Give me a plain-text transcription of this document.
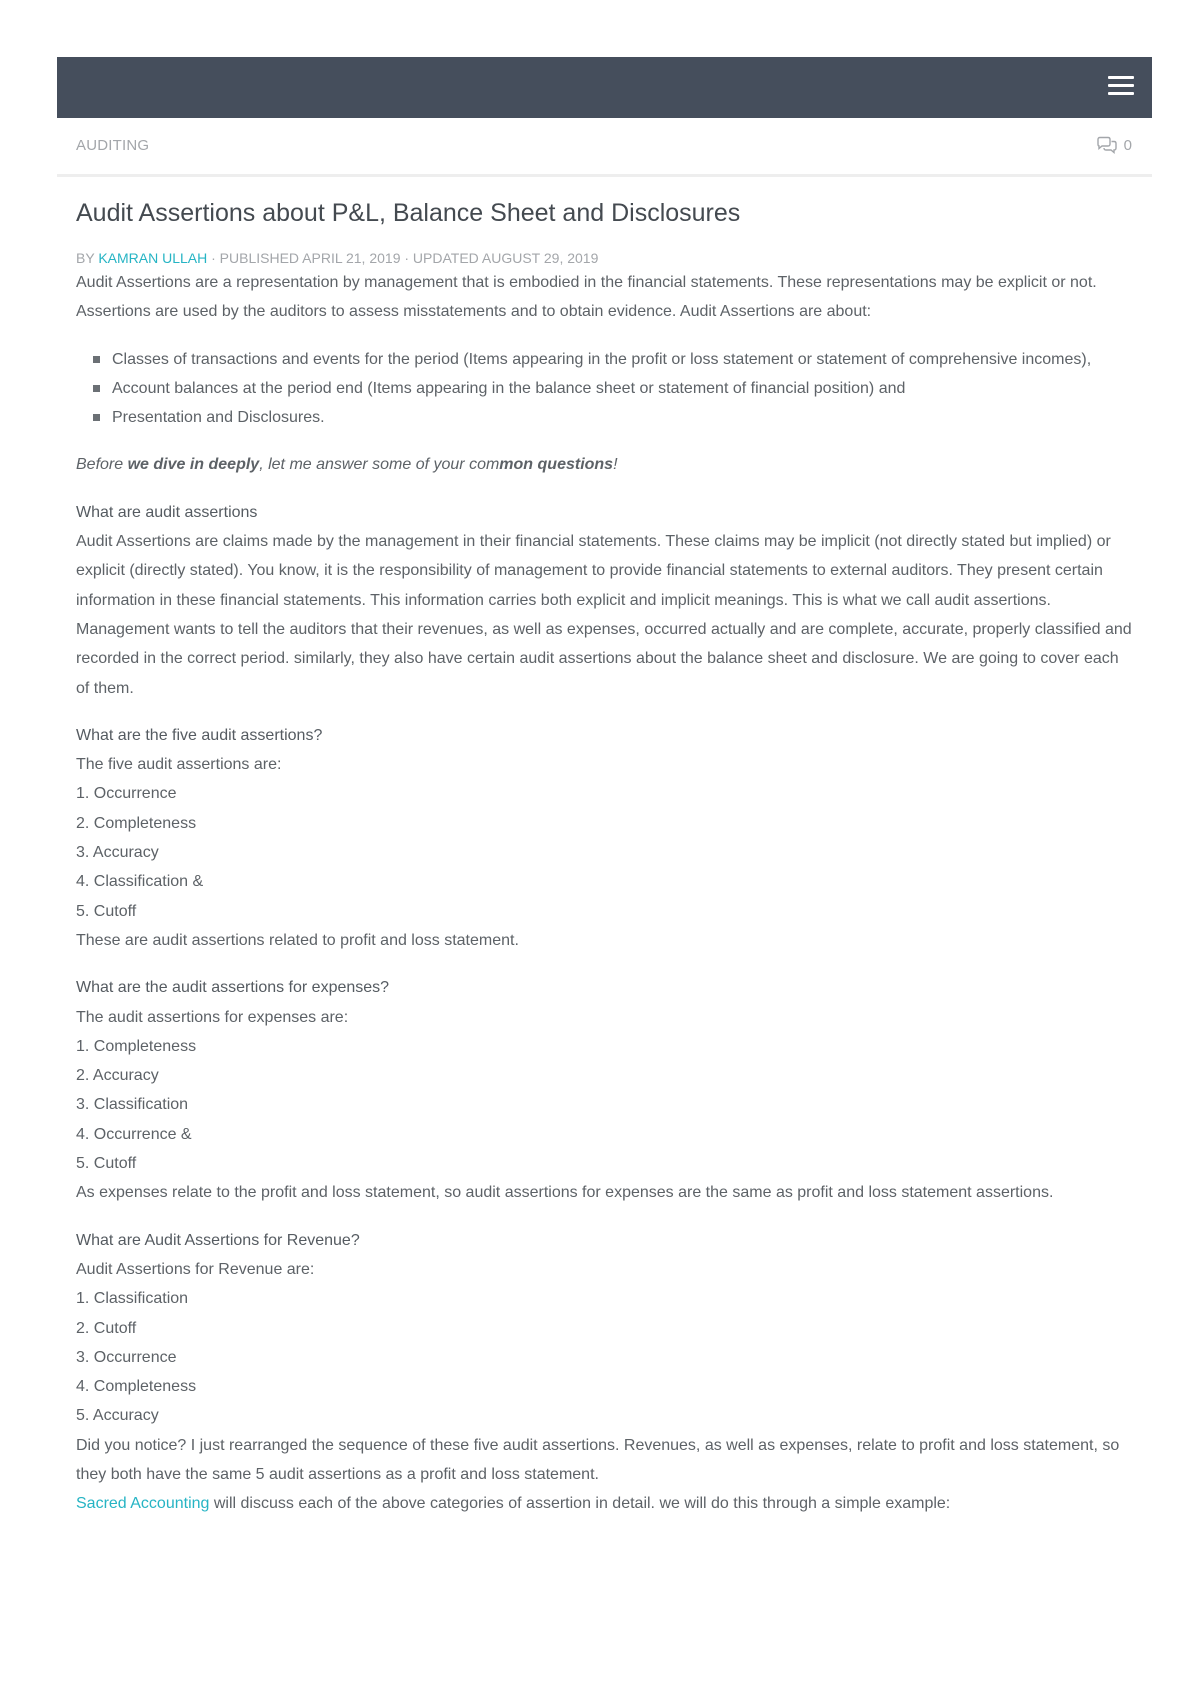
AUDITING	0
Audit Assertions about P&L, Balance Sheet and Disclosures
BY KAMRAN ULLAH · PUBLISHED APRIL 21, 2019 · UPDATED AUGUST 29, 2019

Audit Assertions are a representation by management that is embodied in the financial statements. These representations may be explicit or not. Assertions are used by the auditors to assess misstatements and to obtain evidence. Audit Assertions are about:

Classes of transactions and events for the period (Items appearing in the profit or loss statement or statement of comprehensive incomes),
Account balances at the period end (Items appearing in the balance sheet or statement of financial position) and
Presentation and Disclosures.

Before we dive in deeply, let me answer some of your common questions!

What are audit assertions

Audit Assertions are claims made by the management in their financial statements. These claims may be implicit (not directly stated but implied) or explicit (directly stated). You know, it is the responsibility of management to provide financial statements to external auditors. They present certain information in these financial statements. This information carries both explicit and implicit meanings. This is what we call audit assertions. Management wants to tell the auditors that their revenues, as well as expenses, occurred actually and are complete, accurate, properly classified and recorded in the correct period. similarly, they also have certain audit assertions about the balance sheet and disclosure. We are going to cover each of them.

What are the five audit assertions?

The five audit assertions are:

1. Occurrence

2. Completeness

3. Accuracy

4. Classification &

5. Cutoff

These are audit assertions related to profit and loss statement.

What are the audit assertions for expenses?

The audit assertions for expenses are:

1. Completeness

2. Accuracy

3. Classification

4. Occurrence &

5. Cutoff

As expenses relate to the profit and loss statement, so audit assertions for expenses are the same as profit and loss statement assertions.

What are Audit Assertions for Revenue?

Audit Assertions for Revenue are:

1. Classification

2. Cutoff

3. Occurrence

4. Completeness

5. Accuracy

Did you notice? I just rearranged the sequence of these five audit assertions. Revenues, as well as expenses, relate to profit and loss statement, so they both have the same 5 audit assertions as a profit and loss statement.

Sacred Accounting will discuss each of the above categories of assertion in detail. we will do this through a simple example:
